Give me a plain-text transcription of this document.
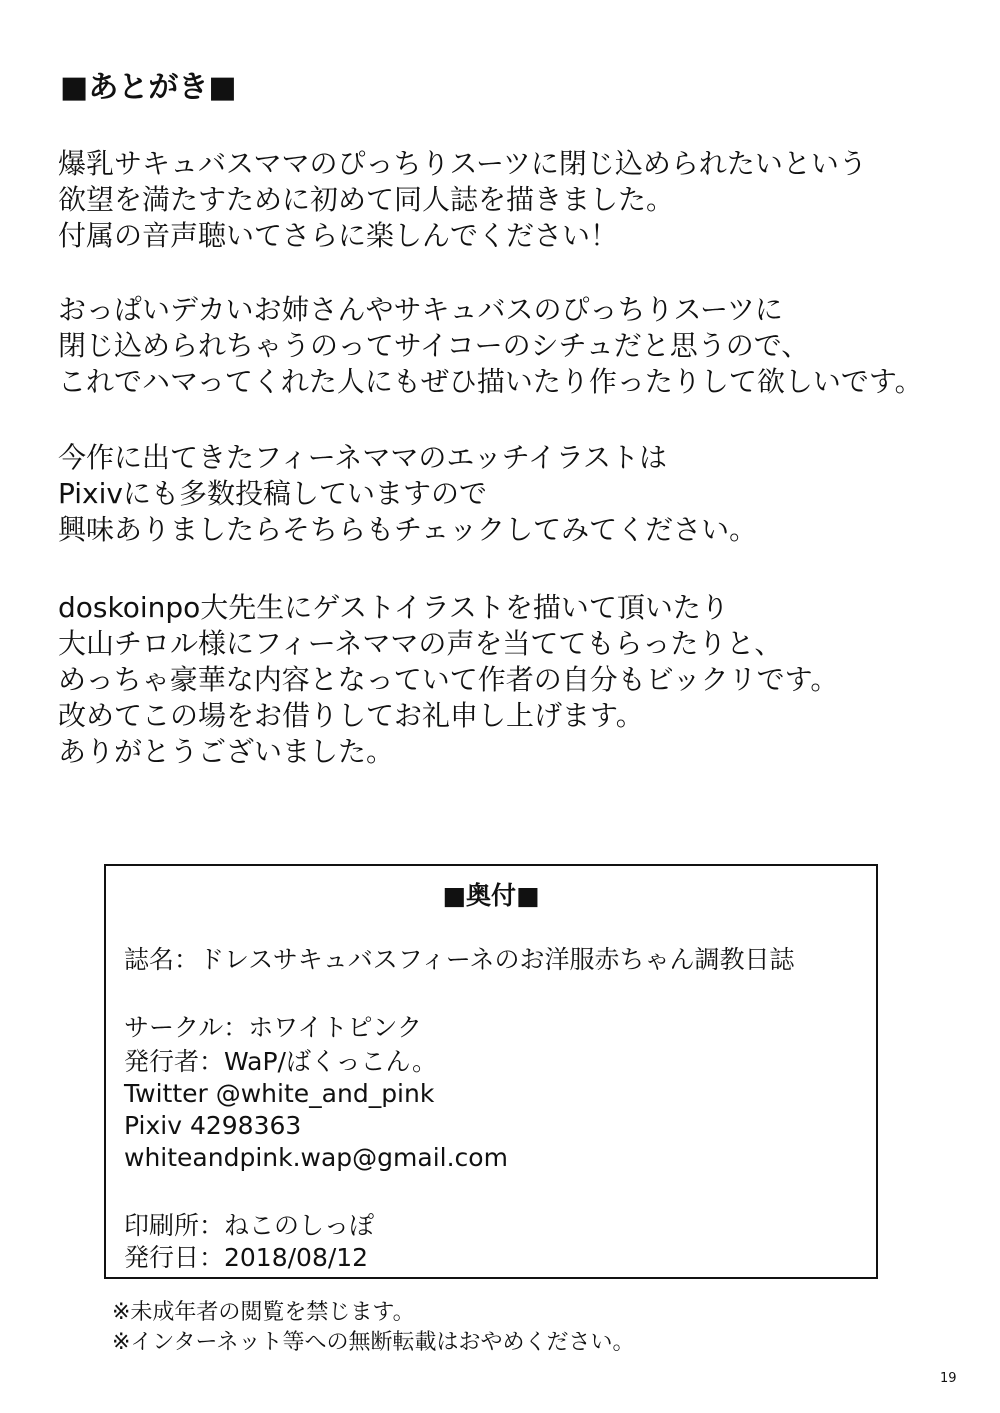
■あとがき■
爆乳サキュバスママのぴっちりスーツに閉じ込められたいという
欲望を満たすために初めて同人誌を描きました。
付属の音声聴いてさらに楽しんでください！
おっぱいデカいお姉さんやサキュバスのぴっちりスーツに
閉じ込められちゃうのってサイコーのシチュだと思うので、
これでハマってくれた人にもぜひ描いたり作ったりして欲しいです。
今作に出てきたフィーネママのエッチイラストは
Pixivにも多数投稿していますので
興味ありましたらそちらもチェックしてみてください。
doskoinpo大先生にゲストイラストを描いて頂いたり
大山チロル様にフィーネママの声を当ててもらったりと、
めっちゃ豪華な内容となっていて作者の自分もビックリです。
改めてこの場をお借りしてお礼申し上げます。
ありがとうございました。
■奥付■
誌名：ドレスサキュバスフィーネのお洋服赤ちゃん調教日誌
サークル：ホワイトピンク
発行者：WaP/ばくっこん。
Twitter @white_and_pink
Pixiv 4298363
whiteandpink.wap@gmail.com
印刷所：ねこのしっぽ
発行日：2018/08/12
※未成年者の閲覧を禁じます。
※インターネット等への無断転載はおやめください。
19
